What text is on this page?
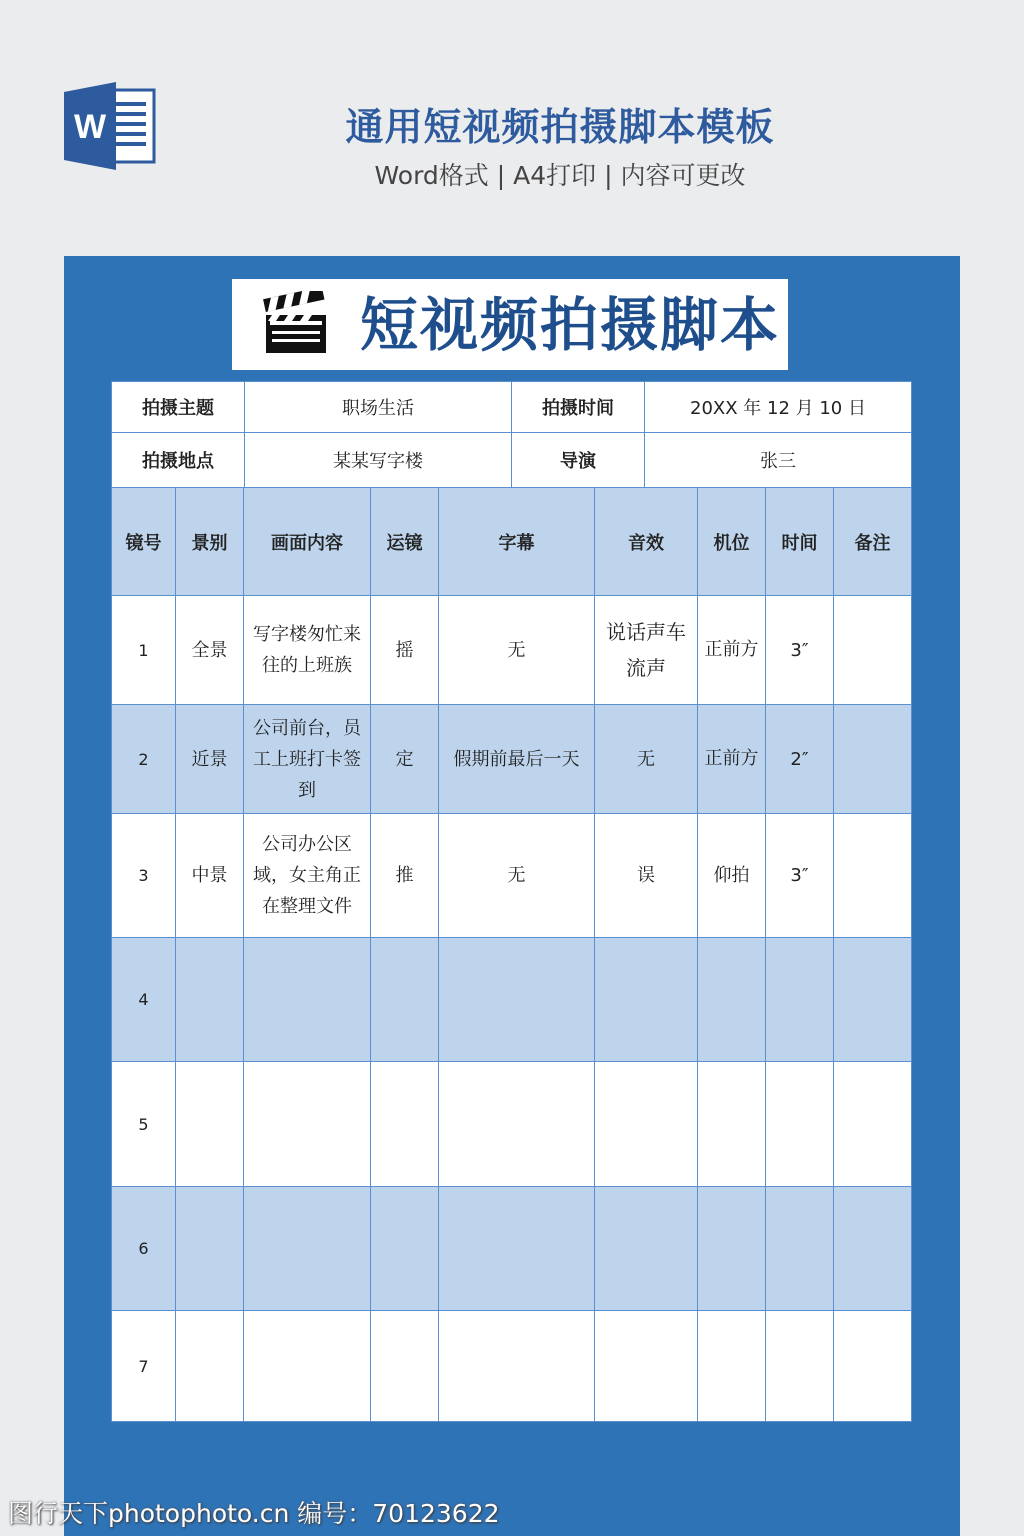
W	通用短视频拍摄脚本模板
Word格式 | A4打印 | 内容可更改
短视频拍摄脚本
拍摄主题	职场生活	拍摄时间	20XX 年 12 月 10 日
拍摄地点	某某写字楼	导演	张三
镜号	景别	画面内容	运镜	字幕	音效	机位	时间	备注
1	全景	写字楼匆忙来往的上班族	摇	无	说话声车流声	正前方	3″	
2	近景	公司前台，员工上班打卡签到	定	假期前最后一天	无	正前方	2″	
3	中景	公司办公区域，女主角正在整理文件	推	无	误	仰拍	3″	
4								
5								
6								
7								
图行天下photophoto.cn 编号：70123622
